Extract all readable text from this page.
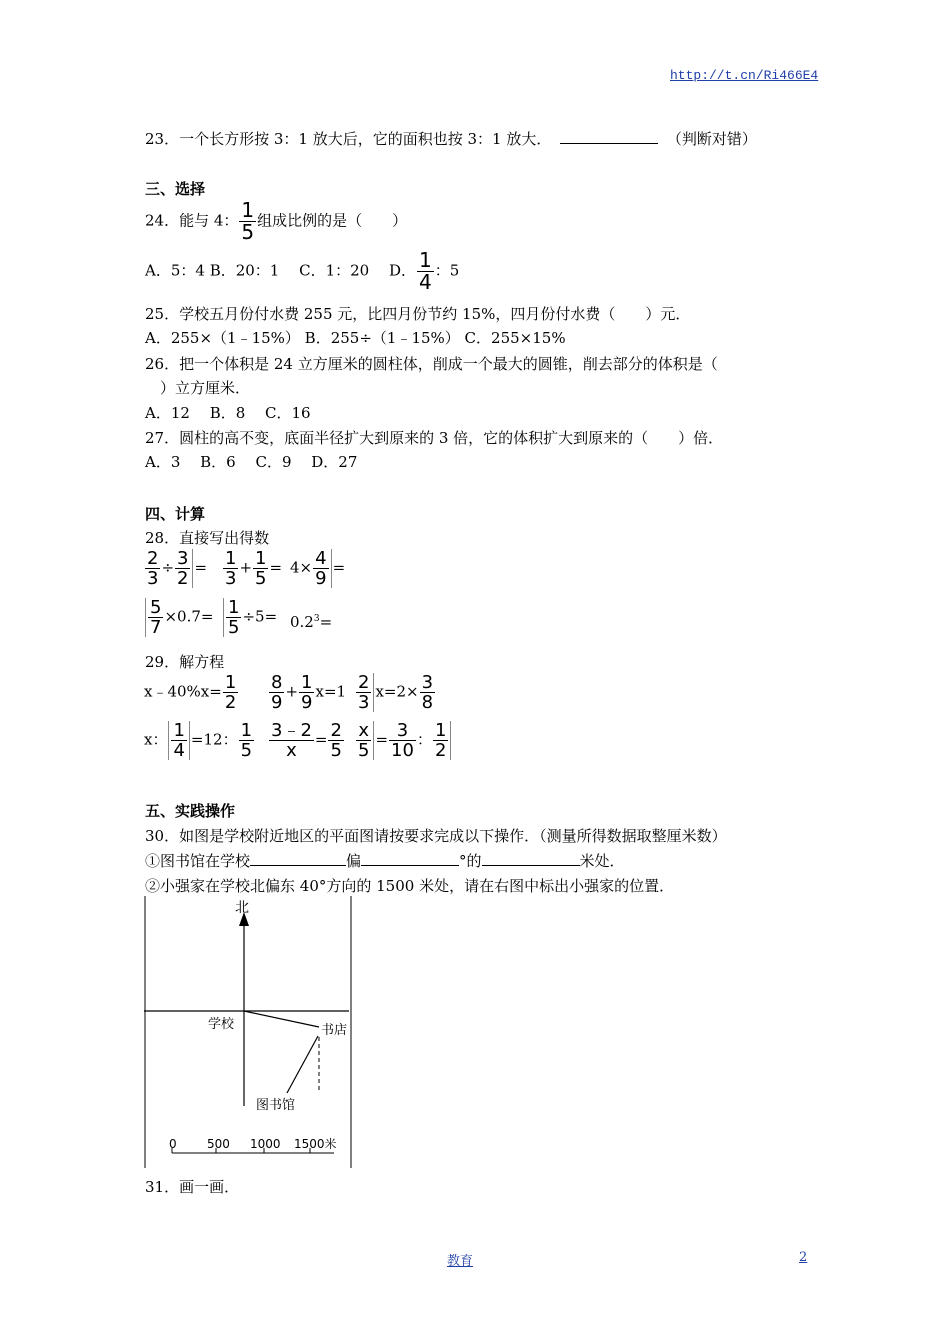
http://t.cn/Ri466E4
23．一个长方形按 3：1 放大后，它的面积也按 3：1 放大．	（判断对错）
三、选择
24．能与 4： $\frac{1}{5}$ 组成比例的是（　　）
A．5：4 B．20：1　 C．1：20　 D． $\frac{1}{4}$ ：5
25．学校五月份付水费 255 元，比四月份节约 15%，四月份付水费（　　）元．
A．255×（1﹣15%） B．255÷（1﹣15%） C．255×15%
26．把一个体积是 24 立方厘米的圆柱体，削成一个最大的圆锥，削去部分的体积是（
）立方厘米．
A．12　 B．8　 C．16
27．圆柱的高不变，底面半径扩大到原来的 3 倍，它的体积扩大到原来的（　　）倍．
A．3　 B．6　 C．9　 D．27
四、计算
28．直接写出得数
$\frac{2}{3} \div \frac{3}{2} = \frac{1}{3} + \frac{1}{5} = 4\times \frac{4}{9}$ =
$\frac{5}{7} \times 0.7= \frac{1}{5} \div 5= 0.2^3=$
29．解方程
x﹣40%x= $\frac{1}{2} \frac{8}{9} + \frac{1}{9} x=1 \frac{2}{3} x=2\times \frac{3}{8}$
x： $\frac{1}{4} =12$： $\frac{1}{5} \frac{3﹣2}{x} = \frac{2}{5} \frac{x}{5} = \frac{3}{10}$ ： $\frac{1}{2}$
五、实践操作
30．如图是学校附近地区的平面图请按要求完成以下操作．（测量所得数据取整厘米数）
①图书馆在学校	偏	°的	米处．
②小强家在学校北偏东 40°方向的 1500 米处，请在右图中标出小强家的位置．
北
学校	书店
图书馆
0	500 1000 1500米
31．画一画．
教育	2
